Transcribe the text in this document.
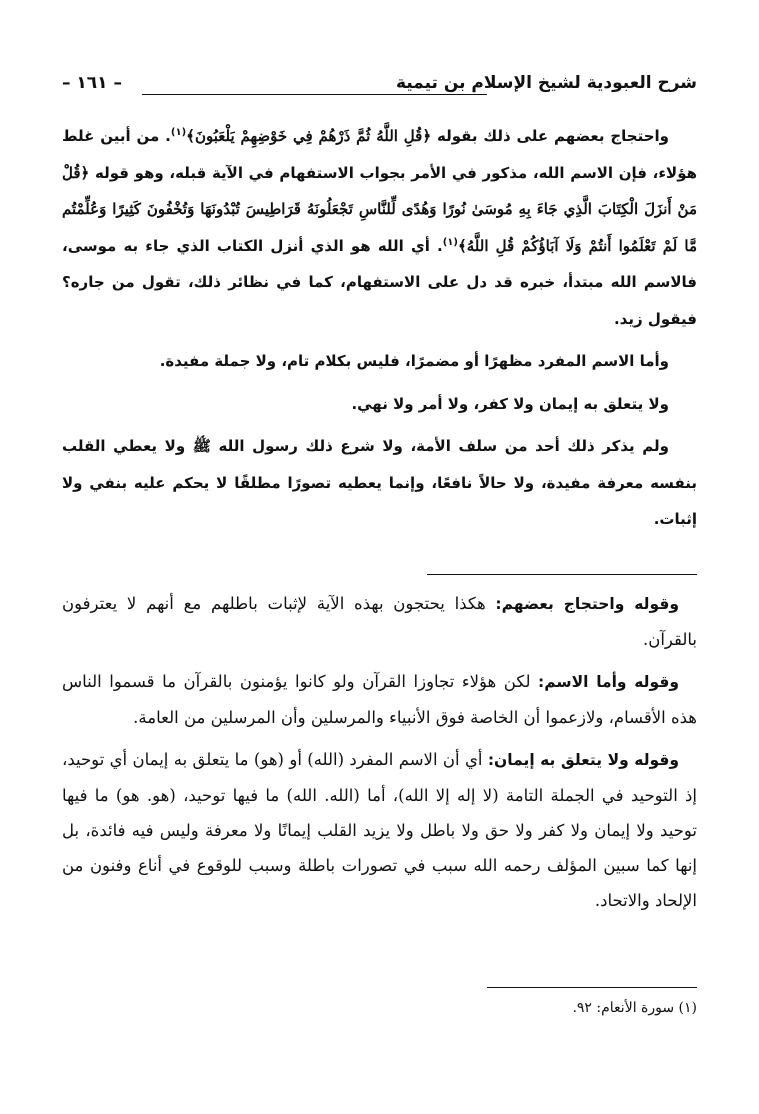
شرح العبودية لشيخ الإسلام بن تيمية
– ١٦١ –

واحتجاج بعضهم على ذلك بقوله ﴿قُلِ اللَّهُ ثُمَّ ذَرْهُمْ فِي خَوْضِهِمْ يَلْعَبُونَ﴾$^{(١)}$. من أبين غلط هؤلاء، فإن الاسم الله، مذكور في الأمر بجواب الاستفهام في الآية قبله، وهو قوله ﴿قُلْ مَنْ أَنزَلَ الْكِتَابَ الَّذِي جَاءَ بِهِ مُوسَىٰ نُورًا وَهُدًى لِّلنَّاسِ تَجْعَلُونَهُ قَرَاطِيسَ تُبْدُونَهَا وَتُخْفُونَ كَثِيرًا وَعُلِّمْتُم مَّا لَمْ تَعْلَمُوا أَنتُمْ وَلَا آبَاؤُكُمْ قُلِ اللَّهُ﴾$^{(١)}$. أي الله هو الذي أنزل الكتاب الذي جاء به موسى، فالاسم الله مبتدأ، خبره قد دل على الاستفهام، كما في نظائر ذلك، تقول من جاره؟ فيقول زيد.

وأما الاسم المفرد مظهرًا أو مضمرًا، فليس بكلام تام، ولا جملة مفيدة.

ولا يتعلق به إيمان ولا كفر، ولا أمر ولا نهي.

ولم يذكر ذلك أحد من سلف الأمة، ولا شرع ذلك رسول الله ﷺ ولا يعطي القلب بنفسه معرفة مفيدة، ولا حالاً نافعًا، وإنما يعطيه تصورًا مطلقًا لا يحكم عليه بنفي ولا إثبات.

وقوله واحتجاج بعضهم: هكذا يحتجون بهذه الآية لإثبات باطلهم مع أنهم لا يعترفون بالقرآن.

وقوله وأما الاسم: لكن هؤلاء تجاوزا القرآن ولو كانوا يؤمنون بالقرآن ما قسموا الناس هذه الأقسام، ولازعموا أن الخاصة فوق الأنبياء والمرسلين وأن المرسلين من العامة.

وقوله ولا يتعلق به إيمان: أي أن الاسم المفرد (الله) أو (هو) ما يتعلق به إيمان أي توحيد، إذ التوحيد في الجملة التامة (لا إله إلا الله)، أما (الله. الله) ما فيها توحيد، (هو. هو) ما فيها توحيد ولا إيمان ولا كفر ولا حق ولا باطل ولا يزيد القلب إيمانًا ولا معرفة وليس فيه فائدة، بل إنها كما سبين المؤلف رحمه الله سبب في تصورات باطلة وسبب للوقوع في أناع وفنون من الإلحاد والاتحاد.

(١) سورة الأنعام: ٩٢.
